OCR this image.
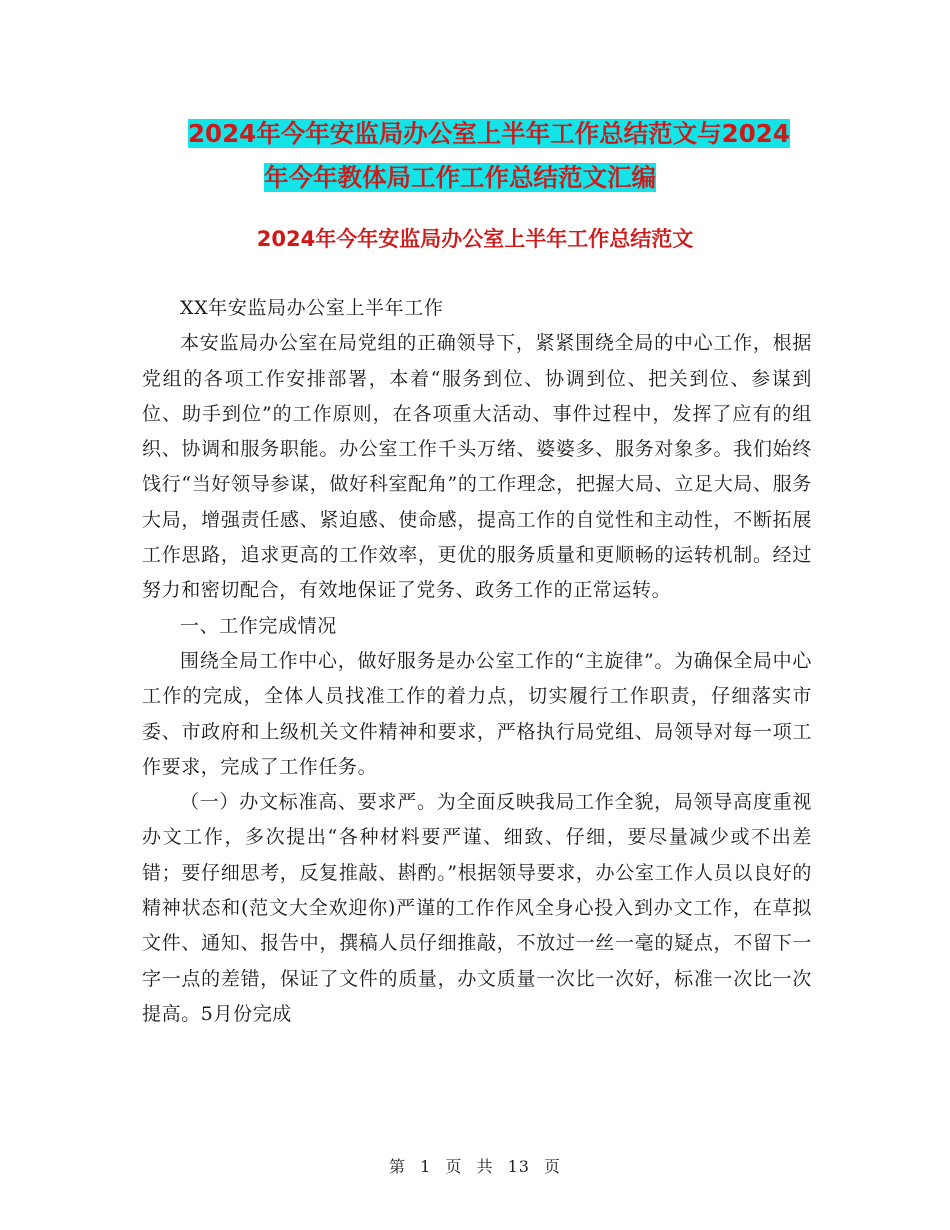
2024年今年安监局办公室上半年工作总结范文与2024
年今年教体局工作工作总结范文汇编
2024年今年安监局办公室上半年工作总结范文

XX年安监局办公室上半年工作

本安监局办公室在局党组的正确领导下，紧紧围绕全局的中心工作，根据党组的各项工作安排部署，本着“服务到位、协调到位、把关到位、参谋到位、助手到位”的工作原则，在各项重大活动、事件过程中，发挥了应有的组织、协调和服务职能。办公室工作千头万绪、婆婆多、服务对象多。我们始终饯行“当好领导参谋，做好科室配角”的工作理念，把握大局、立足大局、服务大局，增强责任感、紧迫感、使命感，提高工作的自觉性和主动性，不断拓展工作思路，追求更高的工作效率，更优的服务质量和更顺畅的运转机制。经过努力和密切配合，有效地保证了党务、政务工作的正常运转。

一、工作完成情况

围绕全局工作中心，做好服务是办公室工作的“主旋律”。为确保全局中心工作的完成，全体人员找准工作的着力点，切实履行工作职责，仔细落实市委、市政府和上级机关文件精神和要求，严格执行局党组、局领导对每一项工作要求，完成了工作任务。

（一）办文标准高、要求严。为全面反映我局工作全貌，局领导高度重视办文工作，多次提出“各种材料要严谨、细致、仔细，要尽量减少或不出差错；要仔细思考，反复推敲、斟酌。”根据领导要求，办公室工作人员以良好的精神状态和(范文大全欢迎你)严谨的工作作风全身心投入到办文工作，在草拟文件、通知、报告中，撰稿人员仔细推敲，不放过一丝一毫的疑点，不留下一字一点的差错，保证了文件的质量，办文质量一次比一次好，标准一次比一次提高。5月份完成

第 1 页 共 13 页
